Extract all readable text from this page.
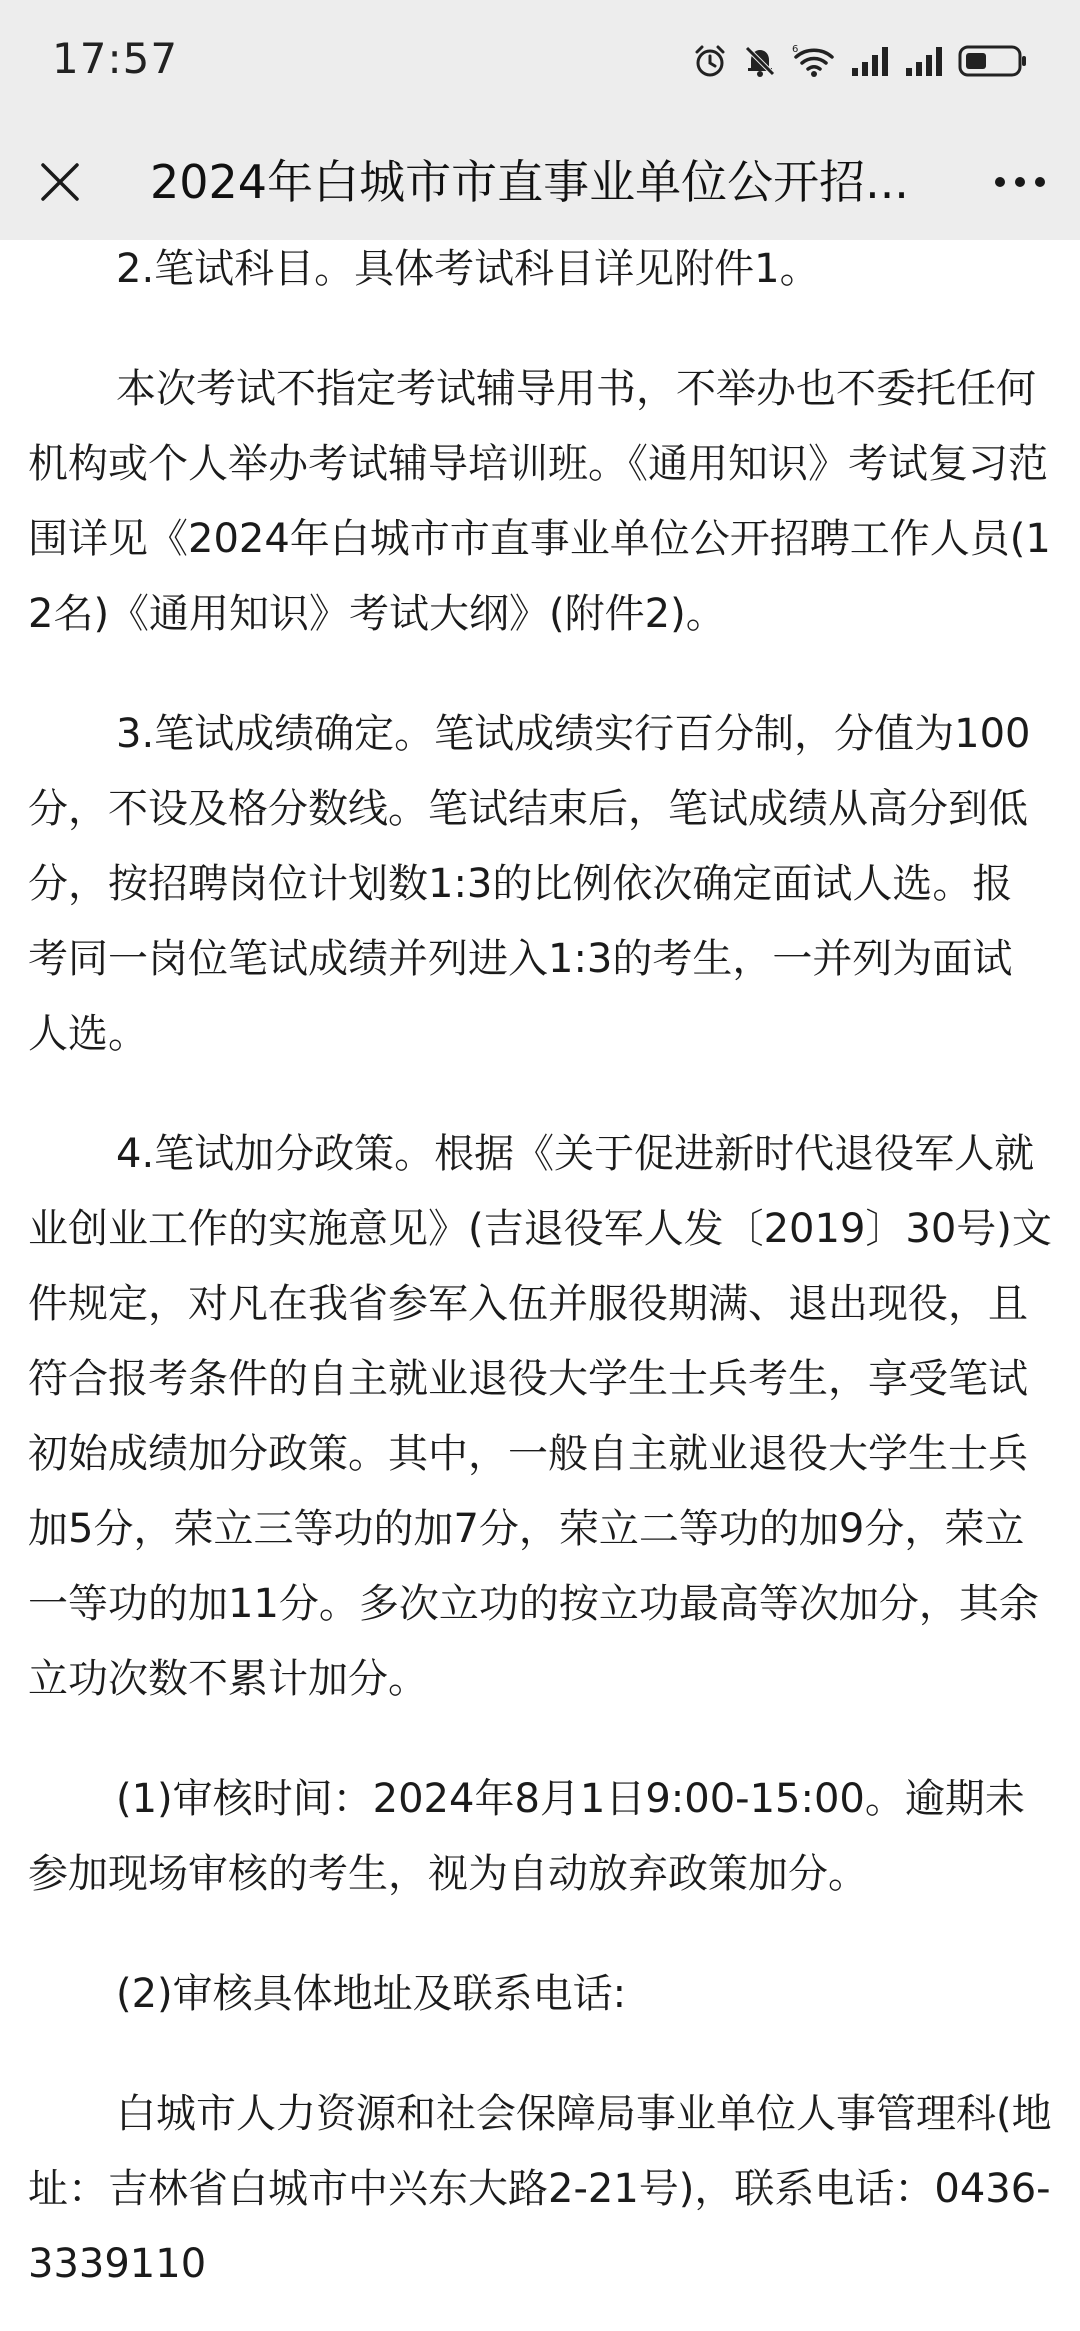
17:57	6
2024年白城市市直事业单位公开招...

2.笔试科目。具体考试科目详见附件1。

本次考试不指定考试辅导用书，不举办也不委托任何机构或个人举办考试辅导培训班。《通用知识》考试复习范围详见《2024年白城市市直事业单位公开招聘工作人员(12名)《通用知识》考试大纲》(附件2)。

3.笔试成绩确定。笔试成绩实行百分制，分值为100分，不设及格分数线。笔试结束后，笔试成绩从高分到低分，按招聘岗位计划数1:3的比例依次确定面试人选。报考同一岗位笔试成绩并列进入1:3的考生，一并列为面试人选。

4.笔试加分政策。根据《关于促进新时代退役军人就业创业工作的实施意见》(吉退役军人发〔2019〕30号)文件规定，对凡在我省参军入伍并服役期满、退出现役，且符合报考条件的自主就业退役大学生士兵考生，享受笔试初始成绩加分政策。其中，一般自主就业退役大学生士兵加5分，荣立三等功的加7分，荣立二等功的加9分，荣立一等功的加11分。多次立功的按立功最高等次加分，其余立功次数不累计加分。

(1)审核时间：2024年8月1日9:00-15:00。逾期未参加现场审核的考生，视为自动放弃政策加分。

(2)审核具体地址及联系电话:

白城市人力资源和社会保障局事业单位人事管理科(地址：吉林省白城市中兴东大路2-21号)，联系电话：0436-3339110
